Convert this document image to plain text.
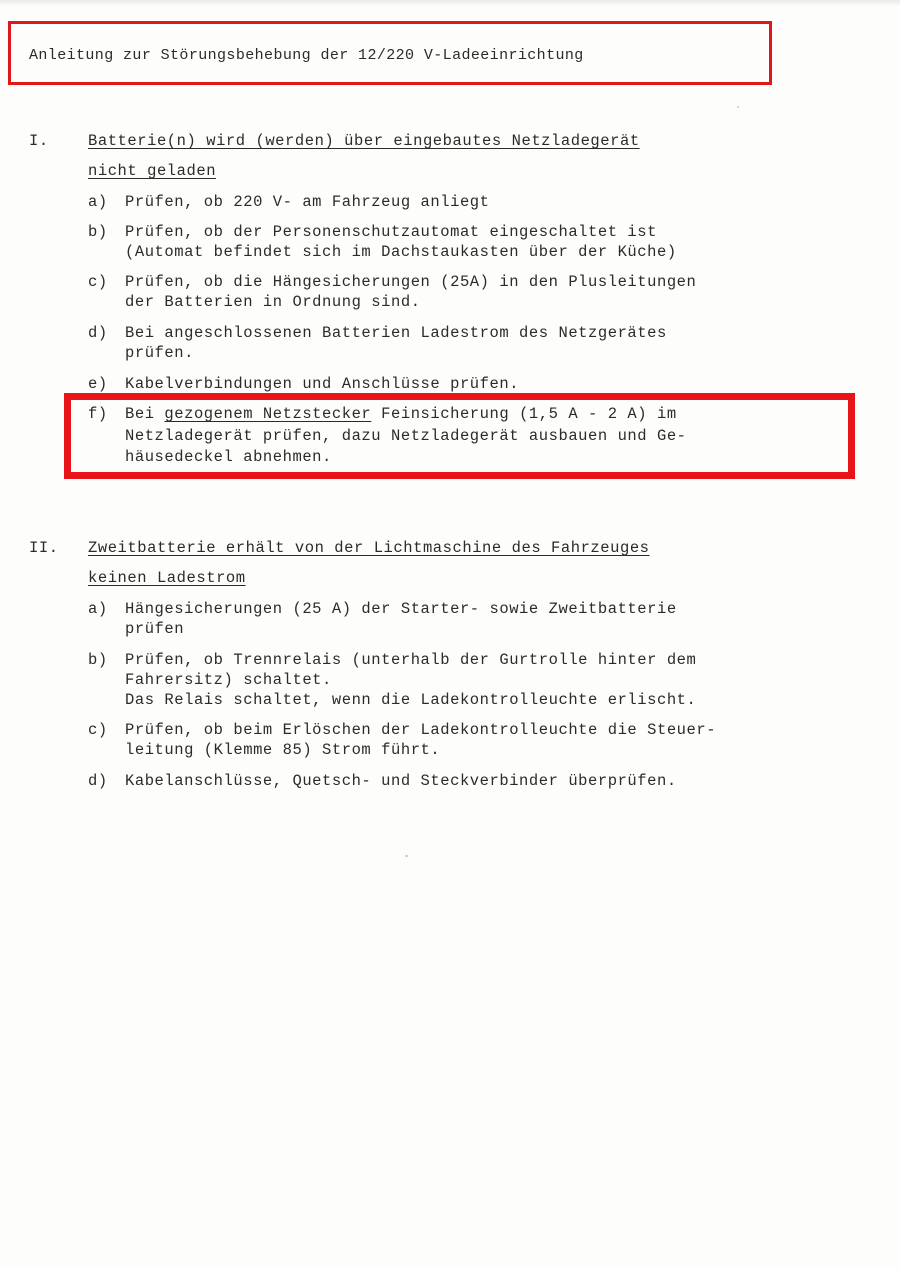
Anleitung zur Störungsbehebung der 12/220 V-Ladeeinrichtung
I.	Batterie(n) wird (werden) über eingebautes Netzladegerät
nicht geladen
a) Prüfen, ob 220 V- am Fahrzeug anliegt
b) Prüfen, ob der Personenschutzautomat eingeschaltet ist
(Automat befindet sich im Dachstaukasten über der Küche)
c) Prüfen, ob die Hängesicherungen (25A) in den Plusleitungen
der Batterien in Ordnung sind.
d) Bei angeschlossenen Batterien Ladestrom des Netzgerätes
prüfen.
e) Kabelverbindungen und Anschlüsse prüfen.
f) Bei gezogenem Netzstecker Feinsicherung (1,5 A - 2 A) im
Netzladegerät prüfen, dazu Netzladegerät ausbauen und Ge-
häusedeckel abnehmen.
II. Zweitbatterie erhält von der Lichtmaschine des Fahrzeuges
keinen Ladestrom
a) Hängesicherungen (25 A) der Starter- sowie Zweitbatterie
prüfen
b) Prüfen, ob Trennrelais (unterhalb der Gurtrolle hinter dem
Fahrersitz) schaltet.
Das Relais schaltet, wenn die Ladekontrolleuchte erlischt.
c) Prüfen, ob beim Erlöschen der Ladekontrolleuchte die Steuer-
leitung (Klemme 85) Strom führt.
d) Kabelanschlüsse, Quetsch- und Steckverbinder überprüfen.
